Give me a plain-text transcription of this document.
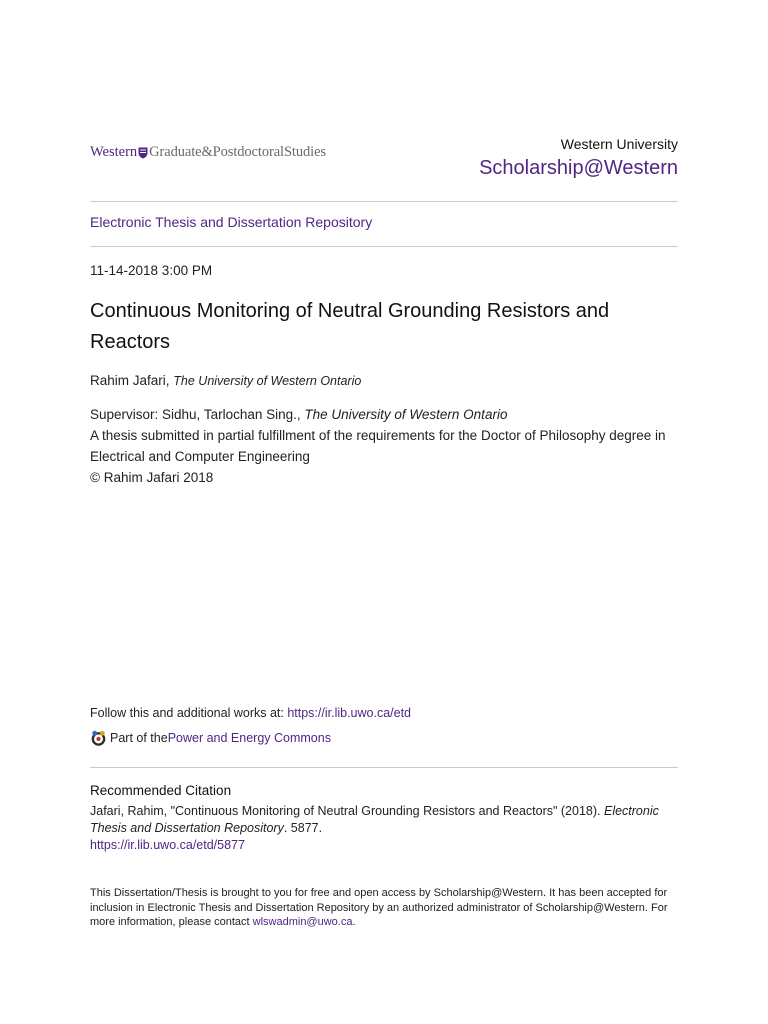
Western Graduate&PostdoctoralStudies	Western University
Scholarship@Western
Electronic Thesis and Dissertation Repository
11-14-2018 3:00 PM
Continuous Monitoring of Neutral Grounding Resistors and Reactors
Rahim Jafari, The University of Western Ontario
Supervisor: Sidhu, Tarlochan Sing., The University of Western Ontario
A thesis submitted in partial fulfillment of the requirements for the Doctor of Philosophy degree in Electrical and Computer Engineering
© Rahim Jafari 2018
Follow this and additional works at: https://ir.lib.uwo.ca/etd
Part of the Power and Energy Commons
Recommended Citation
Jafari, Rahim, "Continuous Monitoring of Neutral Grounding Resistors and Reactors" (2018). Electronic Thesis and Dissertation Repository. 5877.
https://ir.lib.uwo.ca/etd/5877
This Dissertation/Thesis is brought to you for free and open access by Scholarship@Western. It has been accepted for inclusion in Electronic Thesis and Dissertation Repository by an authorized administrator of Scholarship@Western. For more information, please contact wlswadmin@uwo.ca.
